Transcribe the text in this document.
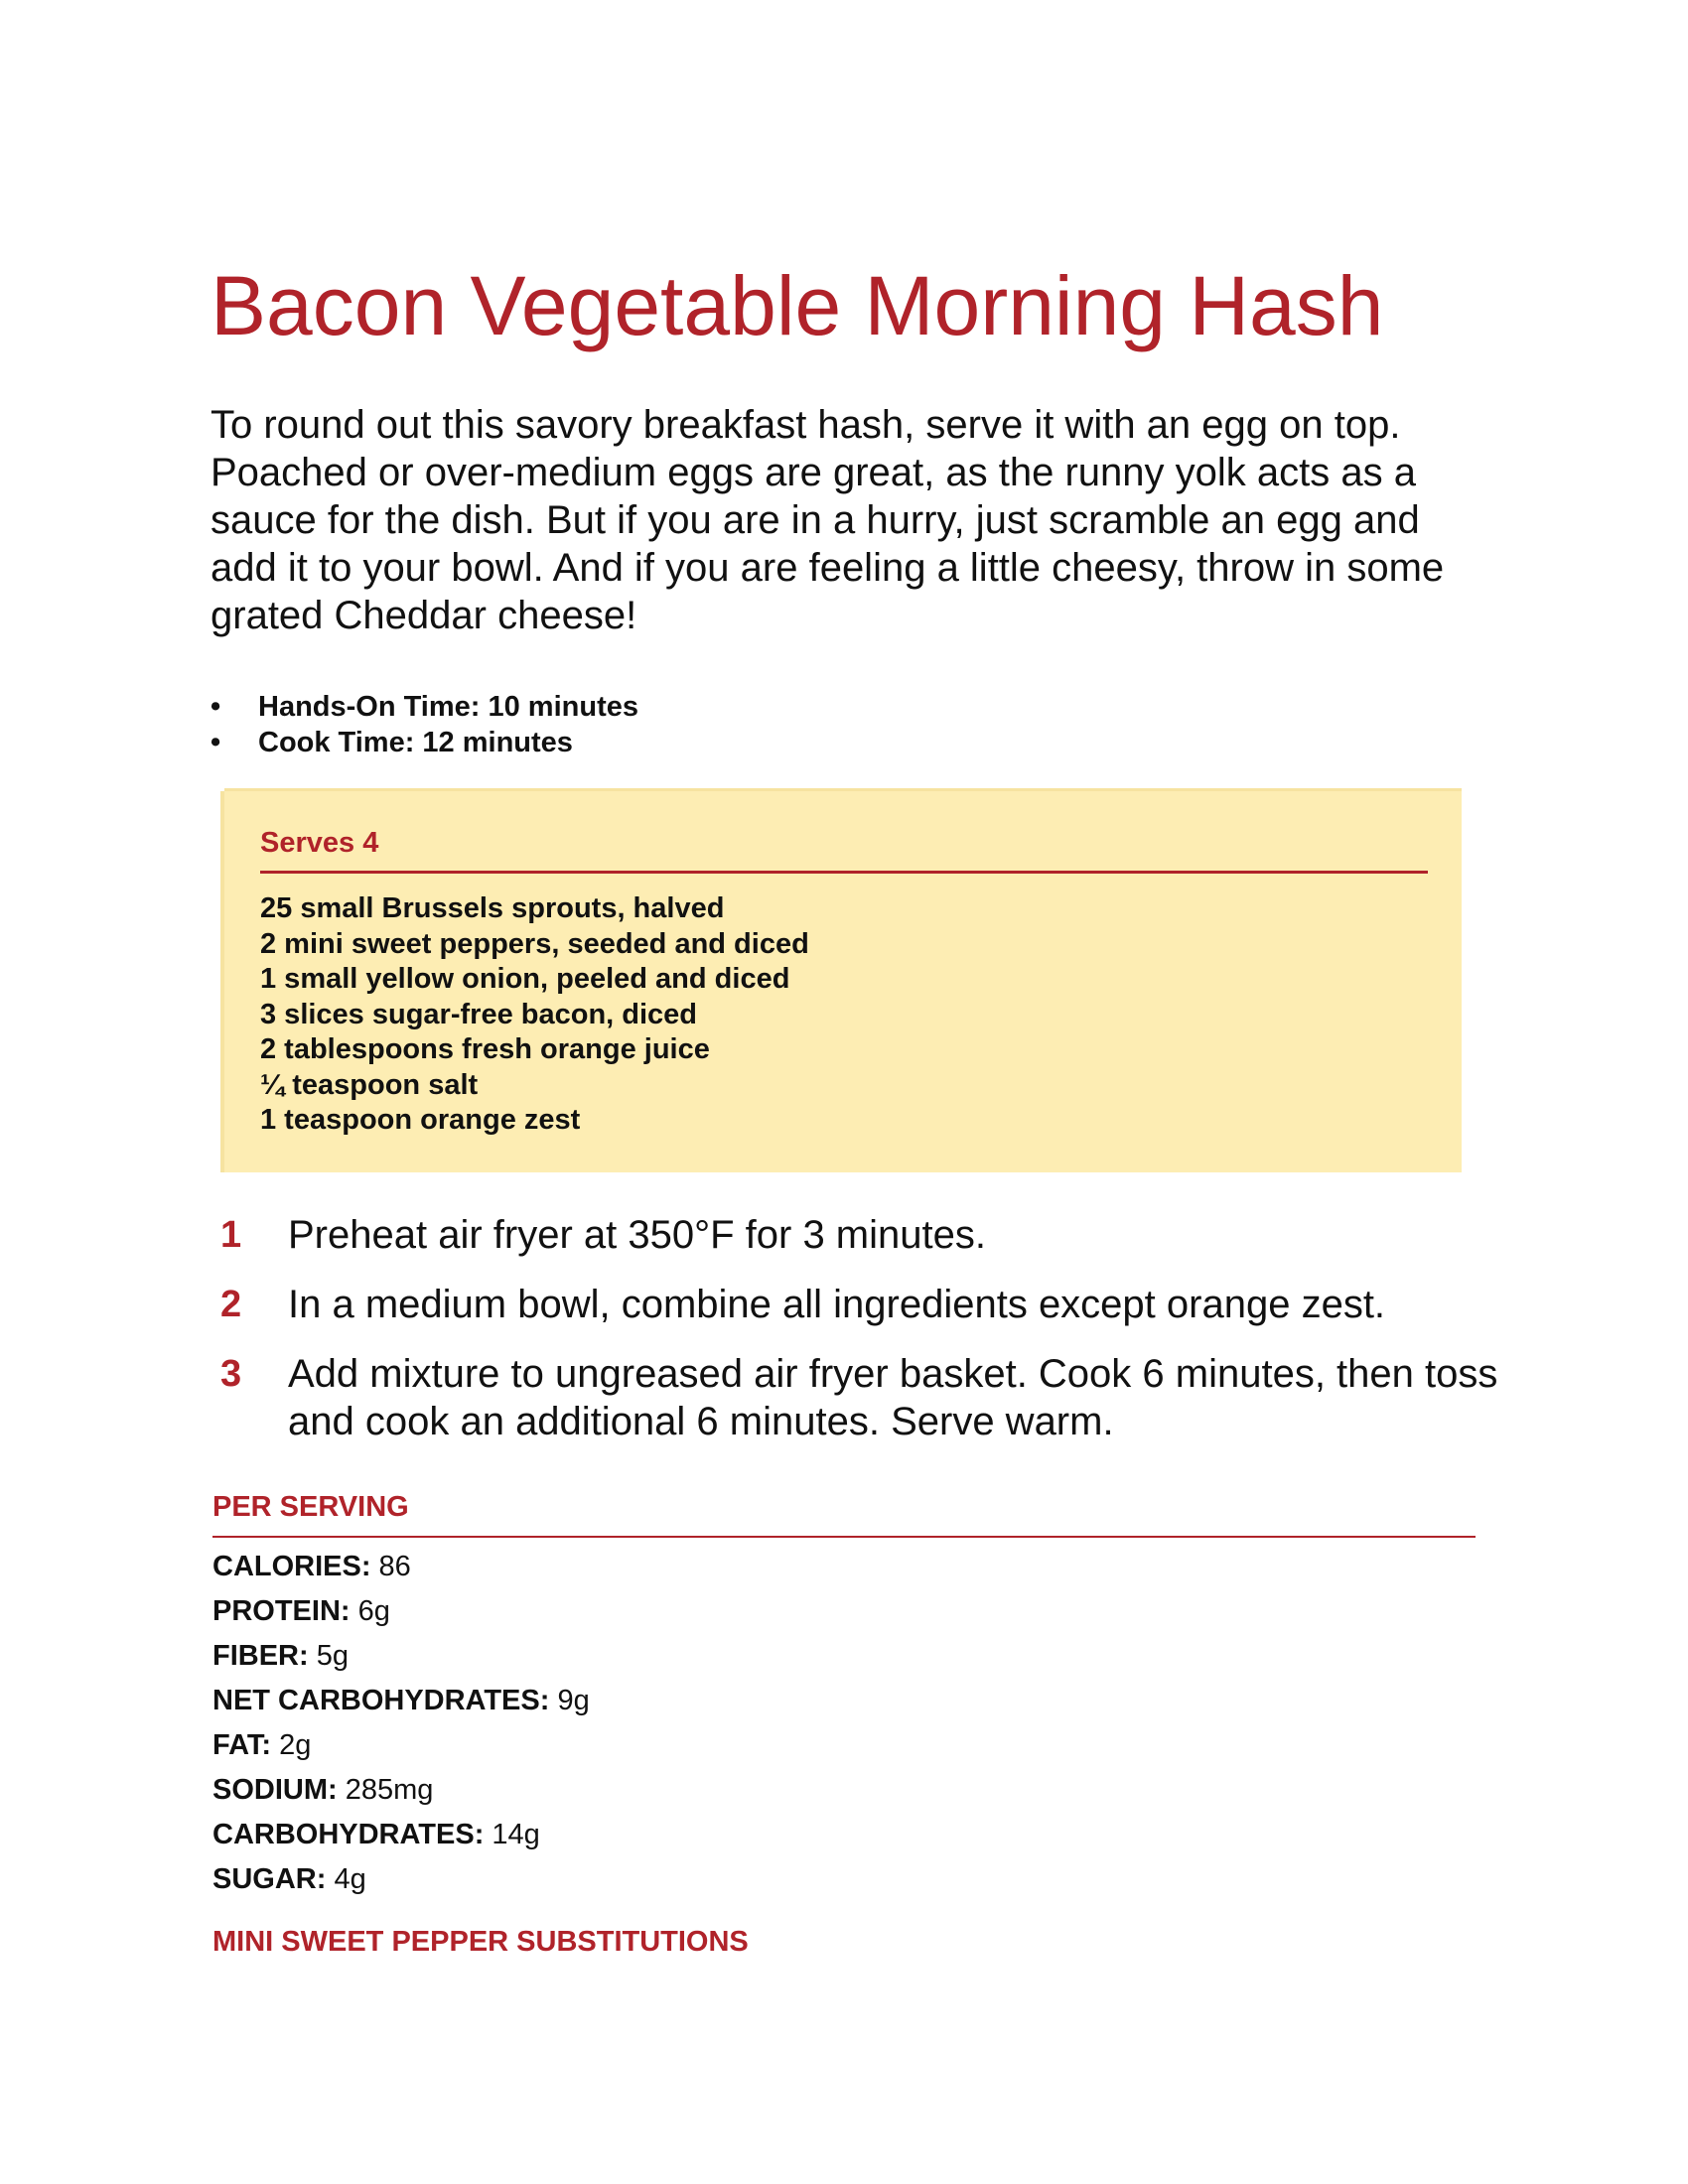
Bacon Vegetable Morning Hash

To round out this savory breakfast hash, serve it with an egg on top. Poached or over-medium eggs are great, as the runny yolk acts as a sauce for the dish. But if you are in a hurry, just scramble an egg and add it to your bowl. And if you are feeling a little cheesy, throw in some grated Cheddar cheese!

• Hands-On Time: 10 minutes
• Cook Time: 12 minutes
Serves 4
25 small Brussels sprouts, halved
2 mini sweet peppers, seeded and diced
1 small yellow onion, peeled and diced
3 slices sugar-free bacon, diced
2 tablespoons fresh orange juice
¼ teaspoon salt
1 teaspoon orange zest
1 Preheat air fryer at 350°F for 3 minutes.
2 In a medium bowl, combine all ingredients except orange zest.
3 Add mixture to ungreased air fryer basket. Cook 6 minutes, then toss and cook an additional 6 minutes. Serve warm.
PER SERVING
CALORIES: 86
PROTEIN: 6g
FIBER: 5g
NET CARBOHYDRATES: 9g
FAT: 2g
SODIUM: 285mg
CARBOHYDRATES: 14g
SUGAR: 4g
MINI SWEET PEPPER SUBSTITUTIONS
